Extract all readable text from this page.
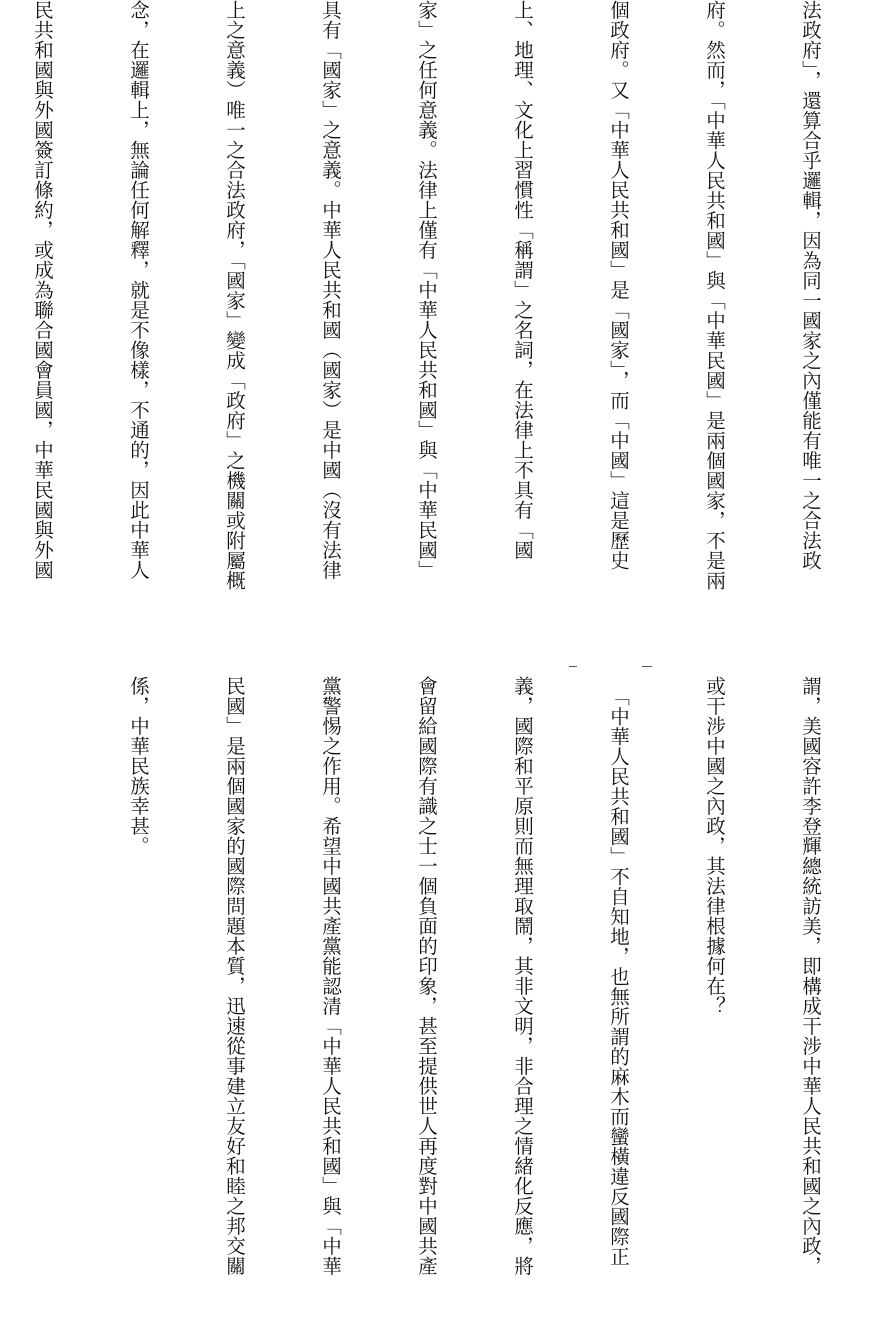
法政府」，還算合乎邏輯，因為同一國家之內僅能有唯一之合法政

府。然而，「中華人民共和國」與「中華民國」是兩個國家，不是兩

個政府。又「中華人民共和國」是「國家」，而「中國」這是歷史

上、地理、文化上習慣性「稱謂」之名詞，在法律上不具有「國

家」之任何意義。法律上僅有「中華人民共和國」與「中華民國」

具有「國家」之意義。中華人民共和國（國家）是中國（沒有法律

上之意義）唯一之合法政府，「國家」變成「政府」之機關或附屬概

念，在邏輯上，無論任何解釋，就是不像樣，不通的，因此中華人

民共和國與外國簽訂條約，或成為聯合國會員國，中華民國與外國

謂，美國容許李登輝總統訪美，即構成干涉中華人民共和國之內政，

或干涉中國之內政，其法律根據何在？

　「中華人民共和國」不自知地，也無所謂的麻木而蠻橫違反國際正

義，國際和平原則而無理取鬧，其非文明，非合理之情緒化反應，將

會留給國際有識之士一個負面的印象，甚至提供世人再度對中國共產

黨警惕之作用。希望中國共產黨能認清「中華人民共和國」與「中華

民國」是兩個國家的國際問題本質，迅速從事建立友好和睦之邦交關

係，中華民族幸甚。
